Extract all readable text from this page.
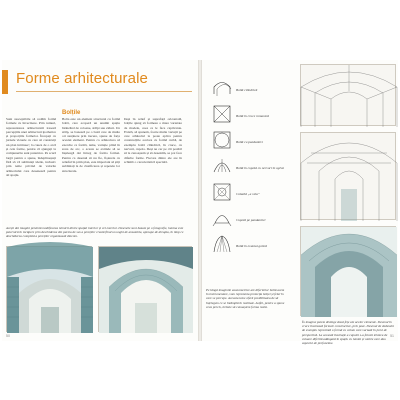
Forme arhitecturale
Sunt susceptibile să redăm formă formele cu învecinare. Prin ruinuri, reprezentarea arhitecturală traseză percepțiile unei arhitecturi ipothetice și proporțiile formelor. Începeți cu jurnale vizuale cu care să construiți un plan intrinsec; la cauza de o arcă și cele forme, pentru că ajungeți la compunerile sunt puternice. Pe scară largă pentru a spune, îndeplineșteți fără să vă subliniați ideile, inclusiv prin teme privind de valorile arhitectului care desenează pentru alt spațiu.
Bolțile
Bolta este un element structural cu formă boltă, care acoperă un anumit spațiu întinzând de coloane, stâlpi sau ziduri. Un stâlp, se bazează pe o bază care de multe ori susținere prin trecere, spune de forța acestui element. Pentru ca arhitectura să exercite ca formă, teme, variație plină în zona de arc, o acesta se extinde să se înțeleagă dat întreg de forma formei. Pentru ca desenul să nu fie, fișierele cu relieful în prim plan, este important să știți subliniați la de clasificarea și reperele lor structurale.
Deși în relief și suprafață orizontală, bolțile ajung să formeze o mare varietate de modele, ceea ce le face captivante. Există, să spunem, foarte multe variații pe care arhitectul le poate aplica pentru construcțiile acelora cu formă curbă, de exemplu boltă cilindrică, în cruce, cu nervuri, cupola. Deși ne cer pe cât posibil să le cunoaștem și să desenăm, se pot face diferite forme. Fiecare dintre ele are în schimb o caracteristică specială.
Acești doi imagini prezintă modificarea tehnicii dintre spațial interior și cel exterior. Desenele sunt bazate pe o fotografie, lumina este puternică în incăpere prin deschiderea din partea de sus a pereților creată fiind un unghi de ansamblu, aproape de dreapta, în timp ce deschiderea completă a pereților organizează dincolo.
50
Boltă cilindrică
Boltă în cruce romanică
Boltă cu pandantivi
Boltă în cupolă cu nervuri în ogivă
Cobaltă „a vela”
Cupolă pe pandantivi
Boltă în evantai gotică
Pe lângă imaginile axonometrice ale diferitelor boltă avem în instrumentare, vom reprezenta proiecția bolței și felul în care se percepe. Aceasta teme oferă posibilitatea de să înțelegem ce se întâmplă în realitate. Astfel, pentru a spune ceva precis, trebuie să cunoaștem forma reală.
În imagine putem distinge două fețe ale acelor elemente. Desenul în cruce ilustrează formele constructive, prin poze. Desenul de dedesubt de exemplu reprezintă o formă cu volum care variază în jurul de perspectivă. La această ilustrație a cupolei s-a folosit tehnica de culoare diferită adăugată în spațiu cu lumini și umbre care dau aspectul de profunzime.
51
